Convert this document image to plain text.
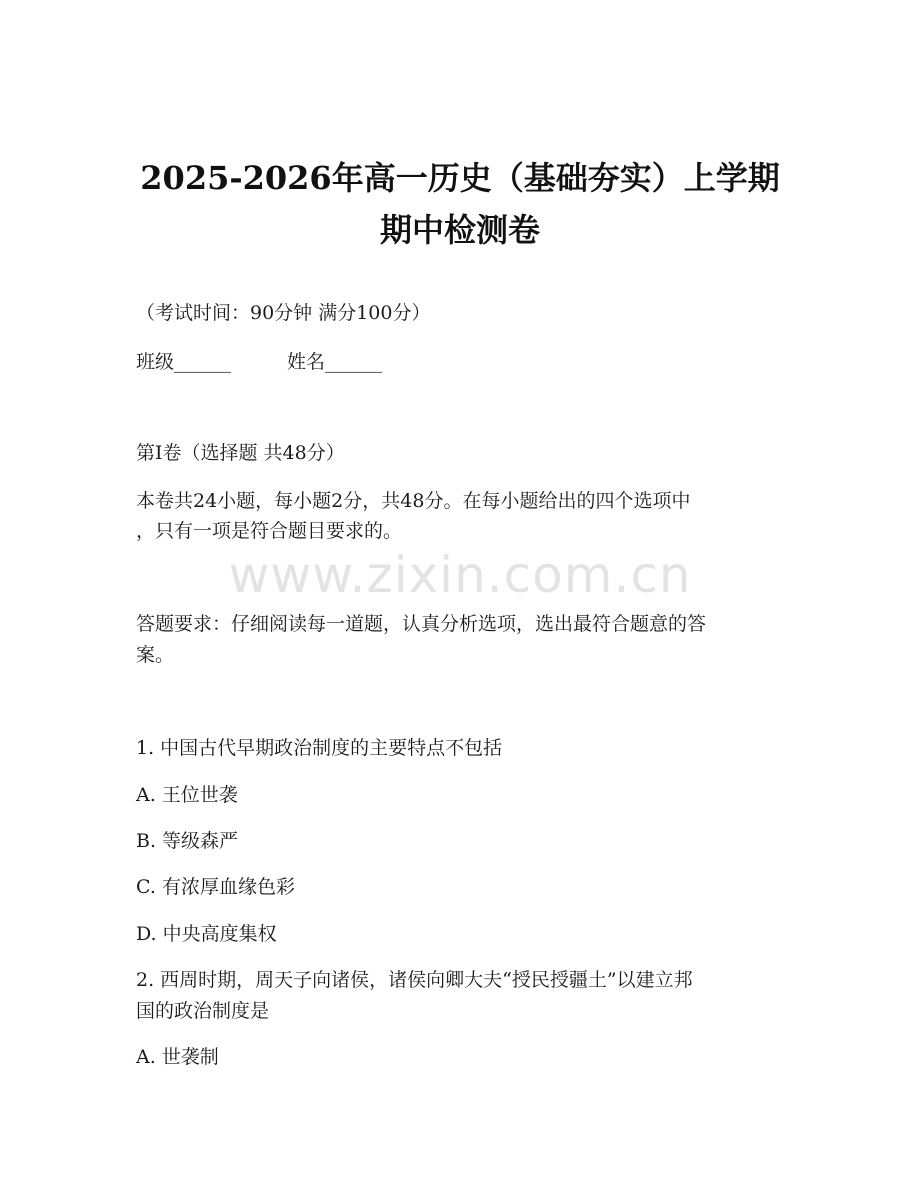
2025-2026年高一历史（基础夯实）上学期
期中检测卷
（考试时间：90分钟 满分100分）
班级______	姓名______
第Ⅰ卷（选择题 共48分）
本卷共24小题，每小题2分，共48分。在每小题给出的四个选项中
，只有一项是符合题目要求的。
www.zixin.com.cn
答题要求：仔细阅读每一道题，认真分析选项，选出最符合题意的答
案。
1. 中国古代早期政治制度的主要特点不包括
A. 王位世袭
B. 等级森严
C. 有浓厚血缘色彩
D. 中央高度集权
2. 西周时期，周天子向诸侯，诸侯向卿大夫“授民授疆土”以建立邦
国的政治制度是
A. 世袭制
